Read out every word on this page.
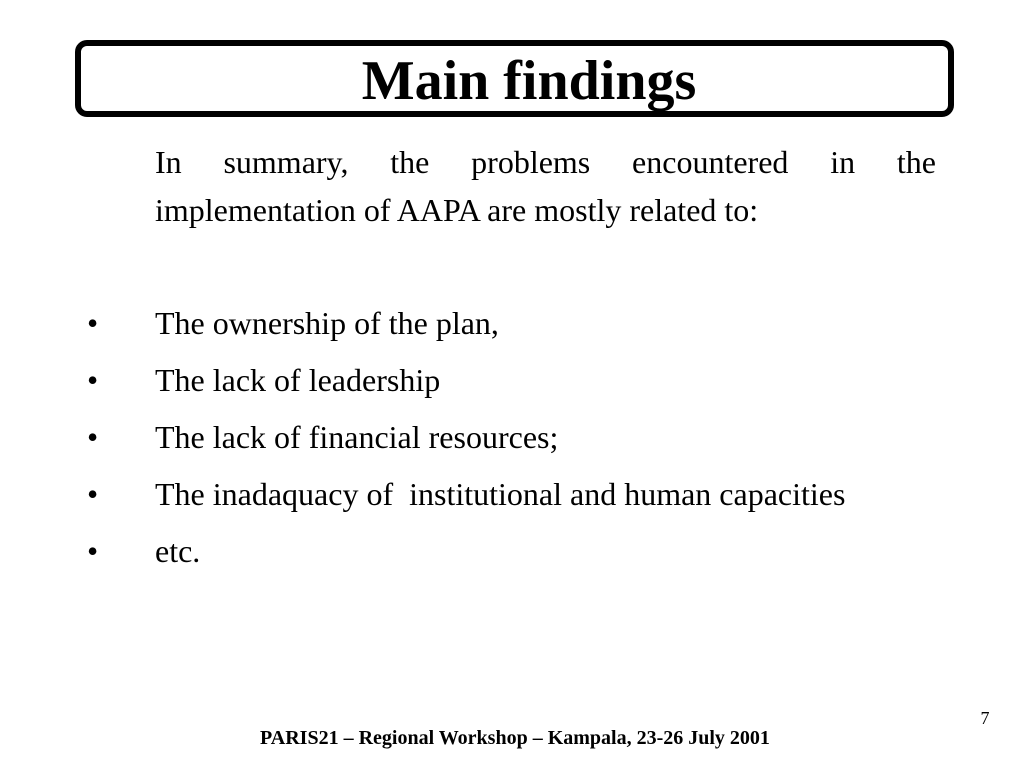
Main findings
In summary, the problems encountered in the implementation of AAPA are mostly related to:
• The ownership of the plan,
• The lack of leadership
• The lack of financial resources;
• The inadaquacy of  institutional and human capacities
• etc.
7
PARIS21 – Regional Workshop – Kampala, 23-26 July 2001
